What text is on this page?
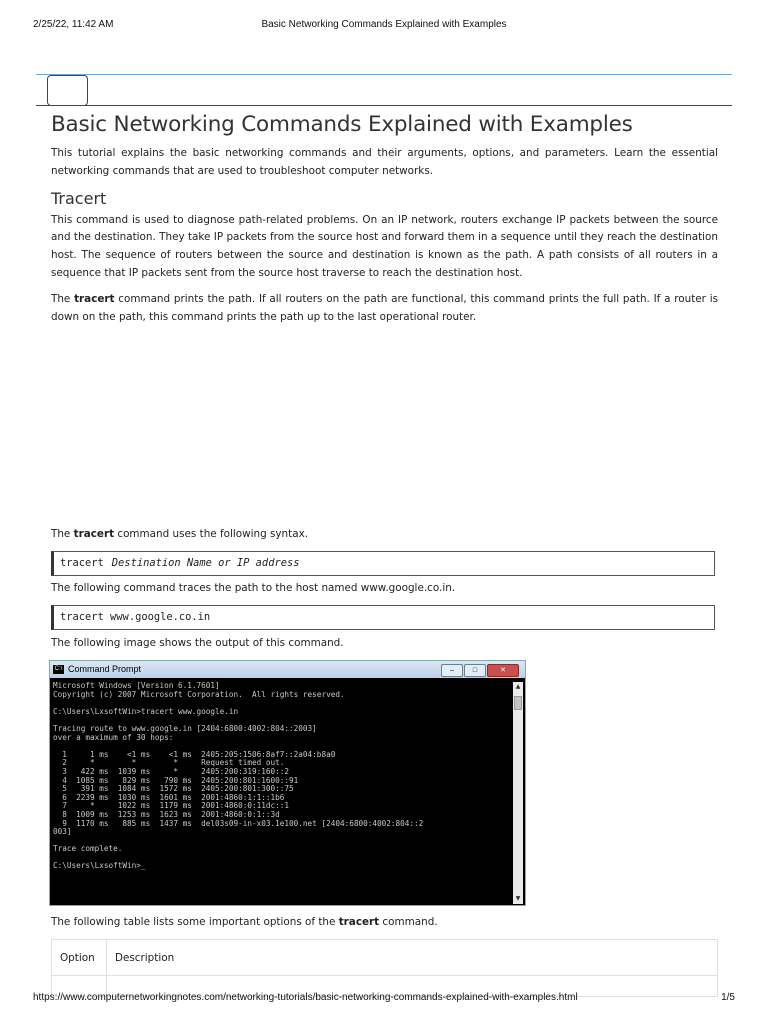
2/25/22, 11:42 AM	Basic Networking Commands Explained with Examples
Basic Networking Commands Explained with Examples

This tutorial explains the basic networking commands and their arguments, options, and parameters. Learn the essential networking commands that are used to troubleshoot computer networks.

Tracert

This command is used to diagnose path-related problems. On an IP network, routers exchange IP packets between the source and the destination. They take IP packets from the source host and forward them in a sequence until they reach the destination host. The sequence of routers between the source and destination is known as the path. A path consists of all routers in a sequence that IP packets sent from the source host traverse to reach the destination host.

The tracert command prints the path. If all routers on the path are functional, this command prints the full path. If a router is down on the path, this command prints the path up to the last operational router.

The tracert command uses the following syntax.
tracert Destination Name or IP address
The following command traces the path to the host named www.google.co.in.
tracert www.google.co.in
The following image shows the output of this command.
C:\ Command Prompt	–	□	✕
Microsoft Windows [Version 6.1.7601]
Copyright (c) 2007 Microsoft Corporation.  All rights reserved.

C:\Users\LxsoftWin>tracert www.google.in

Tracing route to www.google.in [2404:6800:4002:804::2003]
over a maximum of 30 hops:

1     1 ms    <1 ms    <1 ms  2405:205:1506:8af7::2a04:b8a0
2     *        *        *     Request timed out.
3   422 ms  1039 ms     *     2405:200:319:160::2
4  1085 ms   829 ms   790 ms  2405:200:801:1600::91
5   391 ms  1084 ms  1572 ms  2405:200:801:300::75
6  2239 ms  1030 ms  1601 ms  2001:4860:1:1::1b6
7     *     1022 ms  1179 ms  2001:4860:0:11dc::1
8  1009 ms  1253 ms  1623 ms  2001:4860:0:1::3d
9  1170 ms   885 ms  1437 ms  del03s09-in-x03.1e100.net [2404:6800:4002:804::2
003]

Trace complete.

C:\Users\LxsoftWin>_
▲
▼
The following table lists some important options of the tracert command.
Option	Description

https://www.computernetworkingnotes.com/networking-tutorials/basic-networking-commands-explained-with-examples.html	1/5
